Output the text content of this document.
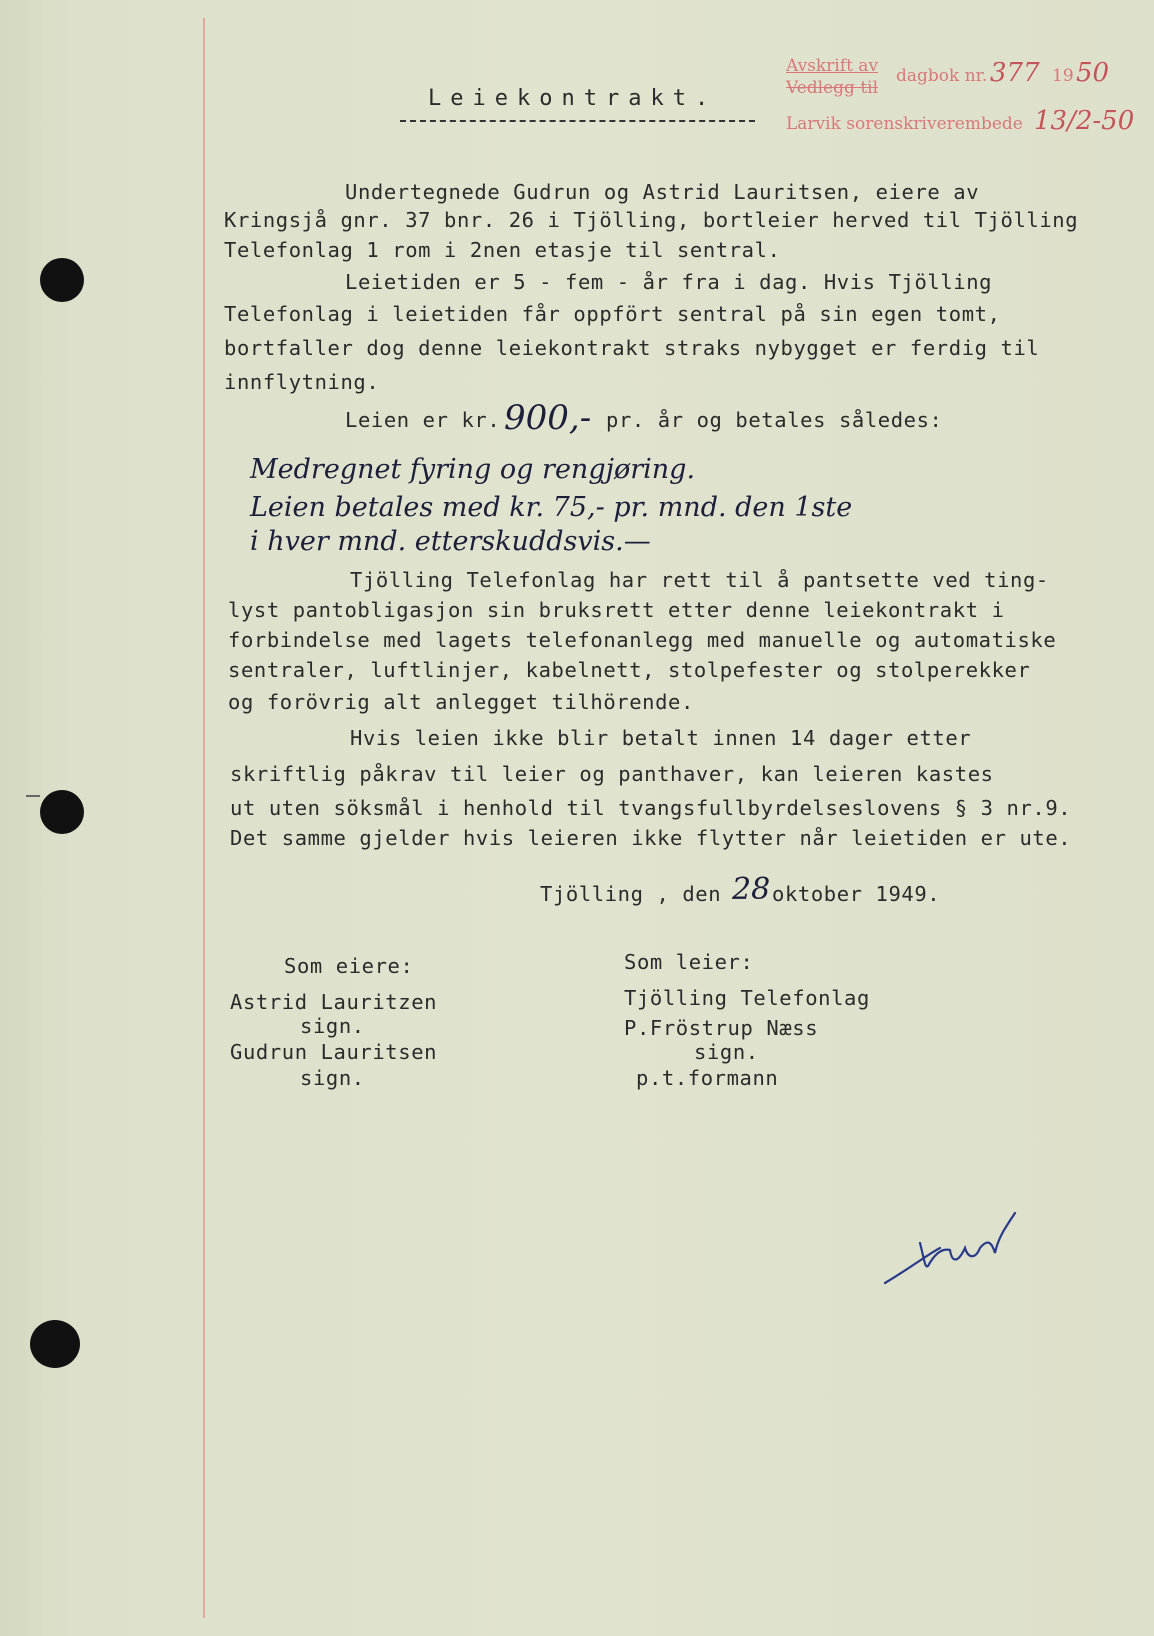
Avskrift av
Vedlegg til
dagbok nr. 377 19 50
Larvik sorenskriverembede 13/2-50
Leiekontrakt.
Undertegnede Gudrun og Astrid Lauritsen, eiere av
Kringsjå gnr. 37 bnr. 26 i Tjölling, bortleier herved til Tjölling
Telefonlag 1 rom i 2nen etasje til sentral.
Leietiden er 5 - fem - år fra i dag. Hvis Tjölling
Telefonlag i leietiden får oppfört sentral på sin egen tomt,
bortfaller dog denne leiekontrakt straks nybygget er ferdig til
innflytning.
Leien er kr. 900,- pr. år og betales således:
Medregnet fyring og rengjøring.
Leien betales med kr. 75,- pr. mnd. den 1ste
i hver mnd. etterskuddsvis.—
Tjölling Telefonlag har rett til å pantsette ved ting-
lyst pantobligasjon sin bruksrett etter denne leiekontrakt i
forbindelse med lagets telefonanlegg med manuelle og automatiske
sentraler, luftlinjer, kabelnett, stolpefester og stolperekker
og forövrig alt anlegget tilhörende.
Hvis leien ikke blir betalt innen 14 dager etter
skriftlig påkrav til leier og panthaver, kan leieren kastes
ut uten söksmål i henhold til tvangsfullbyrdelseslovens § 3 nr.9.
Det samme gjelder hvis leieren ikke flytter når leietiden er ute.
Tjölling , den 28 oktober 1949.
Som eiere:
Astrid Lauritzen
sign.
Gudrun Lauritsen
sign.
Som leier:
Tjölling Telefonlag
P.Fröstrup Næss
sign.
p.t.formann
